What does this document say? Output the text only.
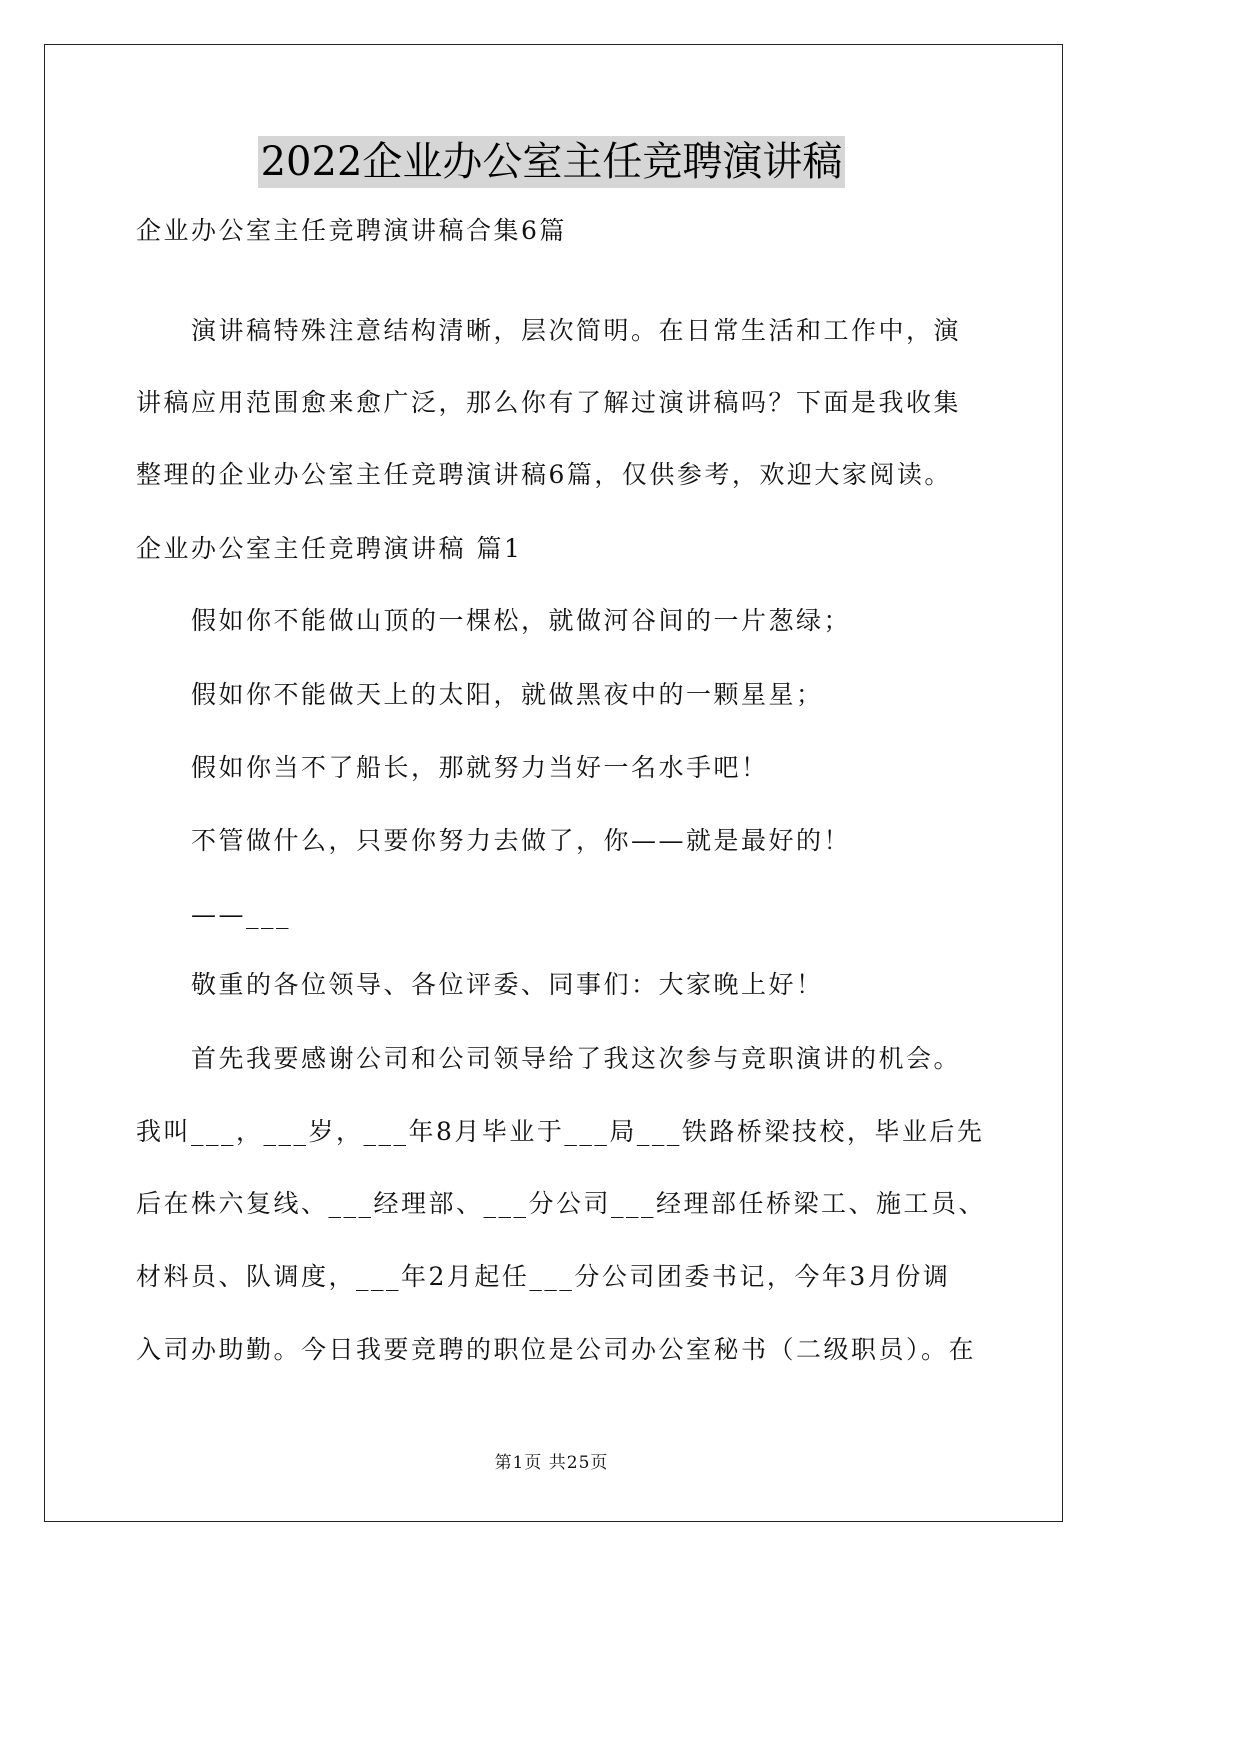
2022企业办公室主任竞聘演讲稿

企业办公室主任竞聘演讲稿合集6篇

演讲稿特殊注意结构清晰，层次简明。在日常生活和工作中，演

讲稿应用范围愈来愈广泛，那么你有了解过演讲稿吗？下面是我收集

整理的企业办公室主任竞聘演讲稿6篇，仅供参考，欢迎大家阅读。

企业办公室主任竞聘演讲稿 篇1

假如你不能做山顶的一棵松，就做河谷间的一片葱绿；

假如你不能做天上的太阳，就做黑夜中的一颗星星；

假如你当不了船长，那就努力当好一名水手吧！

不管做什么，只要你努力去做了，你——就是最好的！

——___

敬重的各位领导、各位评委、同事们：大家晚上好！

首先我要感谢公司和公司领导给了我这次参与竞职演讲的机会。

我叫___，___岁，___年8月毕业于___局___铁路桥梁技校，毕业后先

后在株六复线、___经理部、___分公司___经理部任桥梁工、施工员、

材料员、队调度，___年2月起任___分公司团委书记，今年3月份调

入司办助勤。今日我要竞聘的职位是公司办公室秘书（二级职员）。在

第1页 共25页
